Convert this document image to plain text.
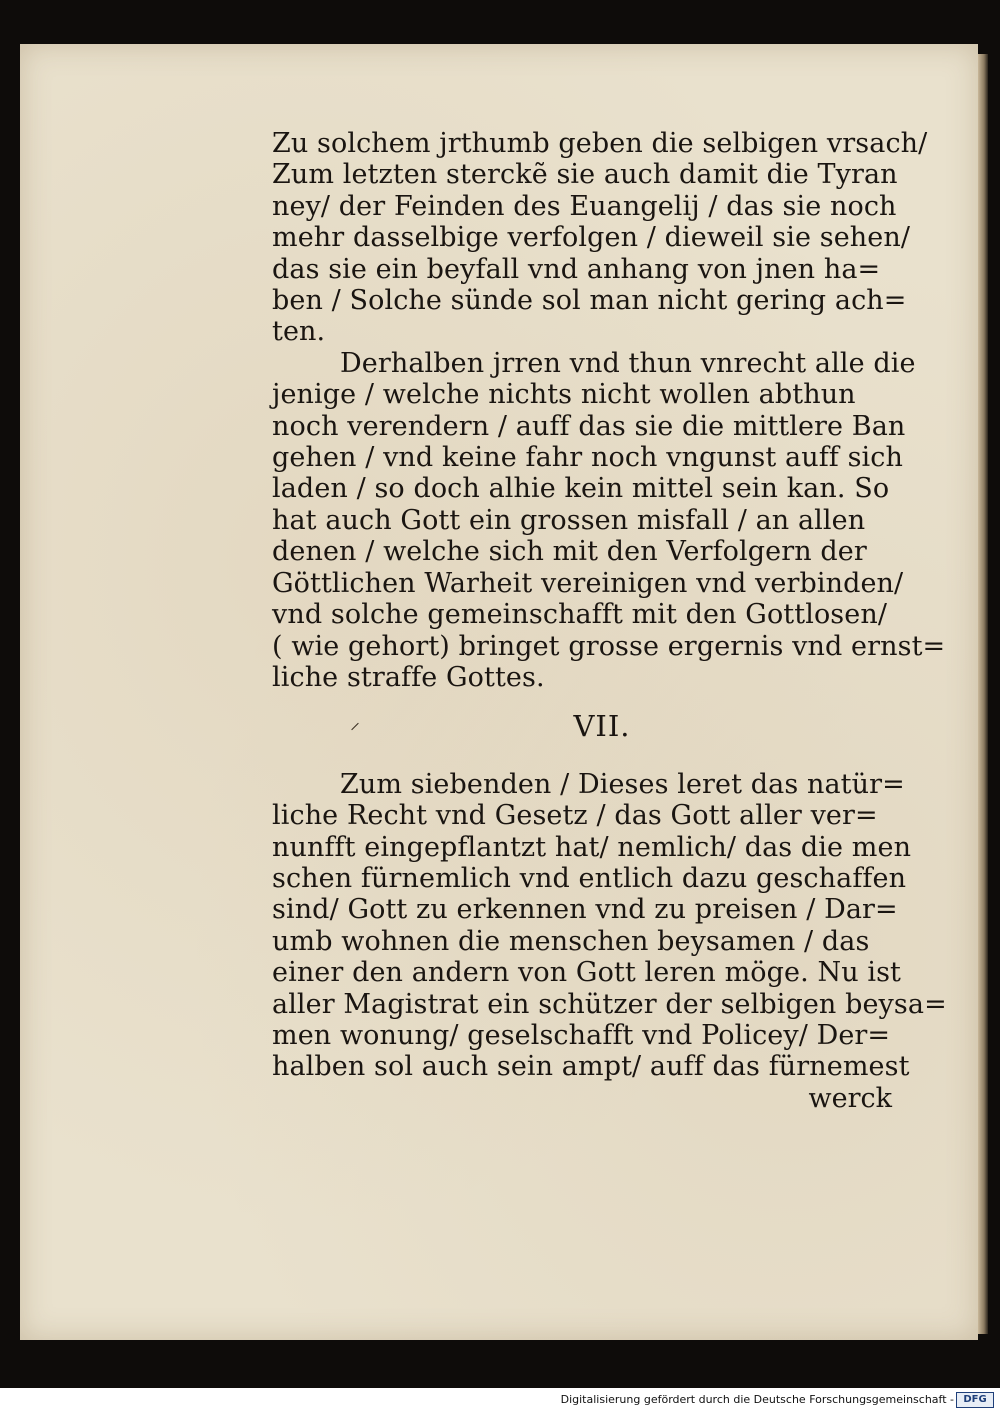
Zu solchem jrthumb geben die selbigen vrsach/
Zum letzten sterckẽ sie auch damit die Tyran
ney/ der Feinden des Euangelij / das sie noch
mehr dasselbige verfolgen / dieweil sie sehen/
das sie ein beyfall vnd anhang von jnen ha=
ben / Solche sünde sol man nicht gering ach=
ten.
Derhalben jrren vnd thun vnrecht alle die
jenige / welche nichts nicht wollen abthun
noch verendern / auff das sie die mittlere Ban
gehen / vnd keine fahr noch vngunst auff sich
laden / so doch alhie kein mittel sein kan. So
hat auch Gott ein grossen misfall / an allen
denen / welche sich mit den Verfolgern der
Göttlichen Warheit vereinigen vnd verbinden/
vnd solche gemeinschafft mit den Gottlosen/
( wie gehort) bringet grosse ergernis vnd ernst=
liche straffe Gottes.
⸍	VII.
Zum siebenden / Dieses leret das natür=
liche Recht vnd Gesetz / das Gott aller ver=
nunfft eingepflantzt hat/ nemlich/ das die men
schen fürnemlich vnd entlich dazu geschaffen
sind/ Gott zu erkennen vnd zu preisen / Dar=
umb wohnen die menschen beysamen / das
einer den andern von Gott leren möge. Nu ist
aller Magistrat ein schützer der selbigen beysa=
men wonung/ geselschafft vnd Policey/ Der=
halben sol auch sein ampt/ auff das fürnemest
werck
Digitalisierung gefördert durch die Deutsche Forschungsgemeinschaft - DFG
